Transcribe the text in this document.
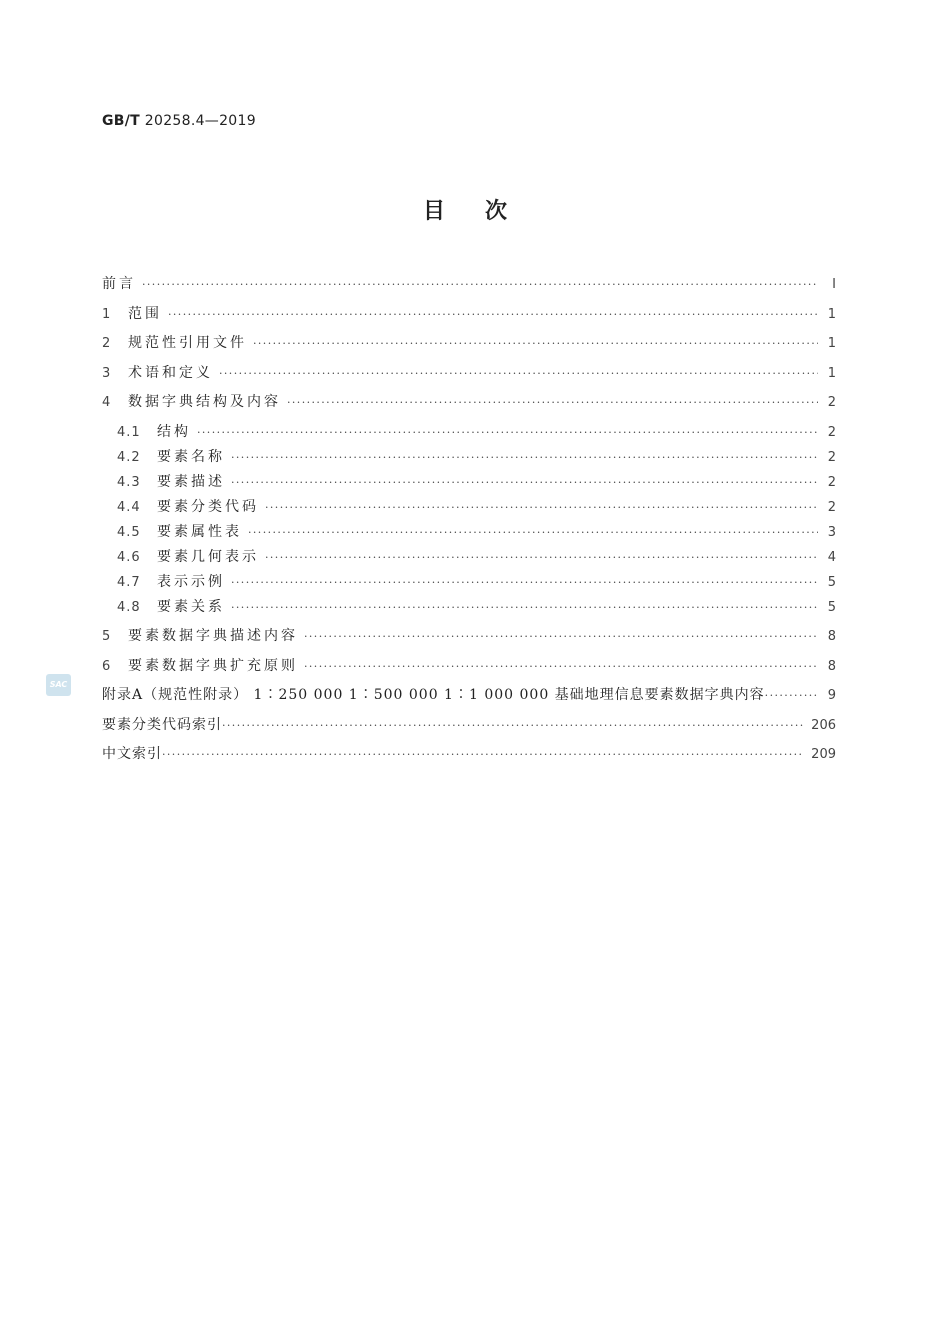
GB/T 20258.4—2019
目次
前言 ·····	Ⅰ
1	范围 ·····	1
2	规范性引用文件 ·····	1
3	术语和定义 ·····	1
4	数据字典结构及内容 ·····	2
4.1	结构 ·····	2
4.2	要素名称 ·····	2
4.3	要素描述 ·····	2
4.4	要素分类代码 ·····	2
4.5	要素属性表 ·····	3
4.6	要素几何表示 ·····	4
4.7	表示示例 ·····	5
4.8	要素关系 ·····	5
5	要素数据字典描述内容 ·····	8
6	要素数据字典扩充原则 ·····	8
附录A（规范性附录） 1∶250 000 1∶500 000 1∶1 000 000 基础地理信息要素数据字典内容 ·····	9
要素分类代码索引 ·····	206
中文索引 ·····	209
SAC
